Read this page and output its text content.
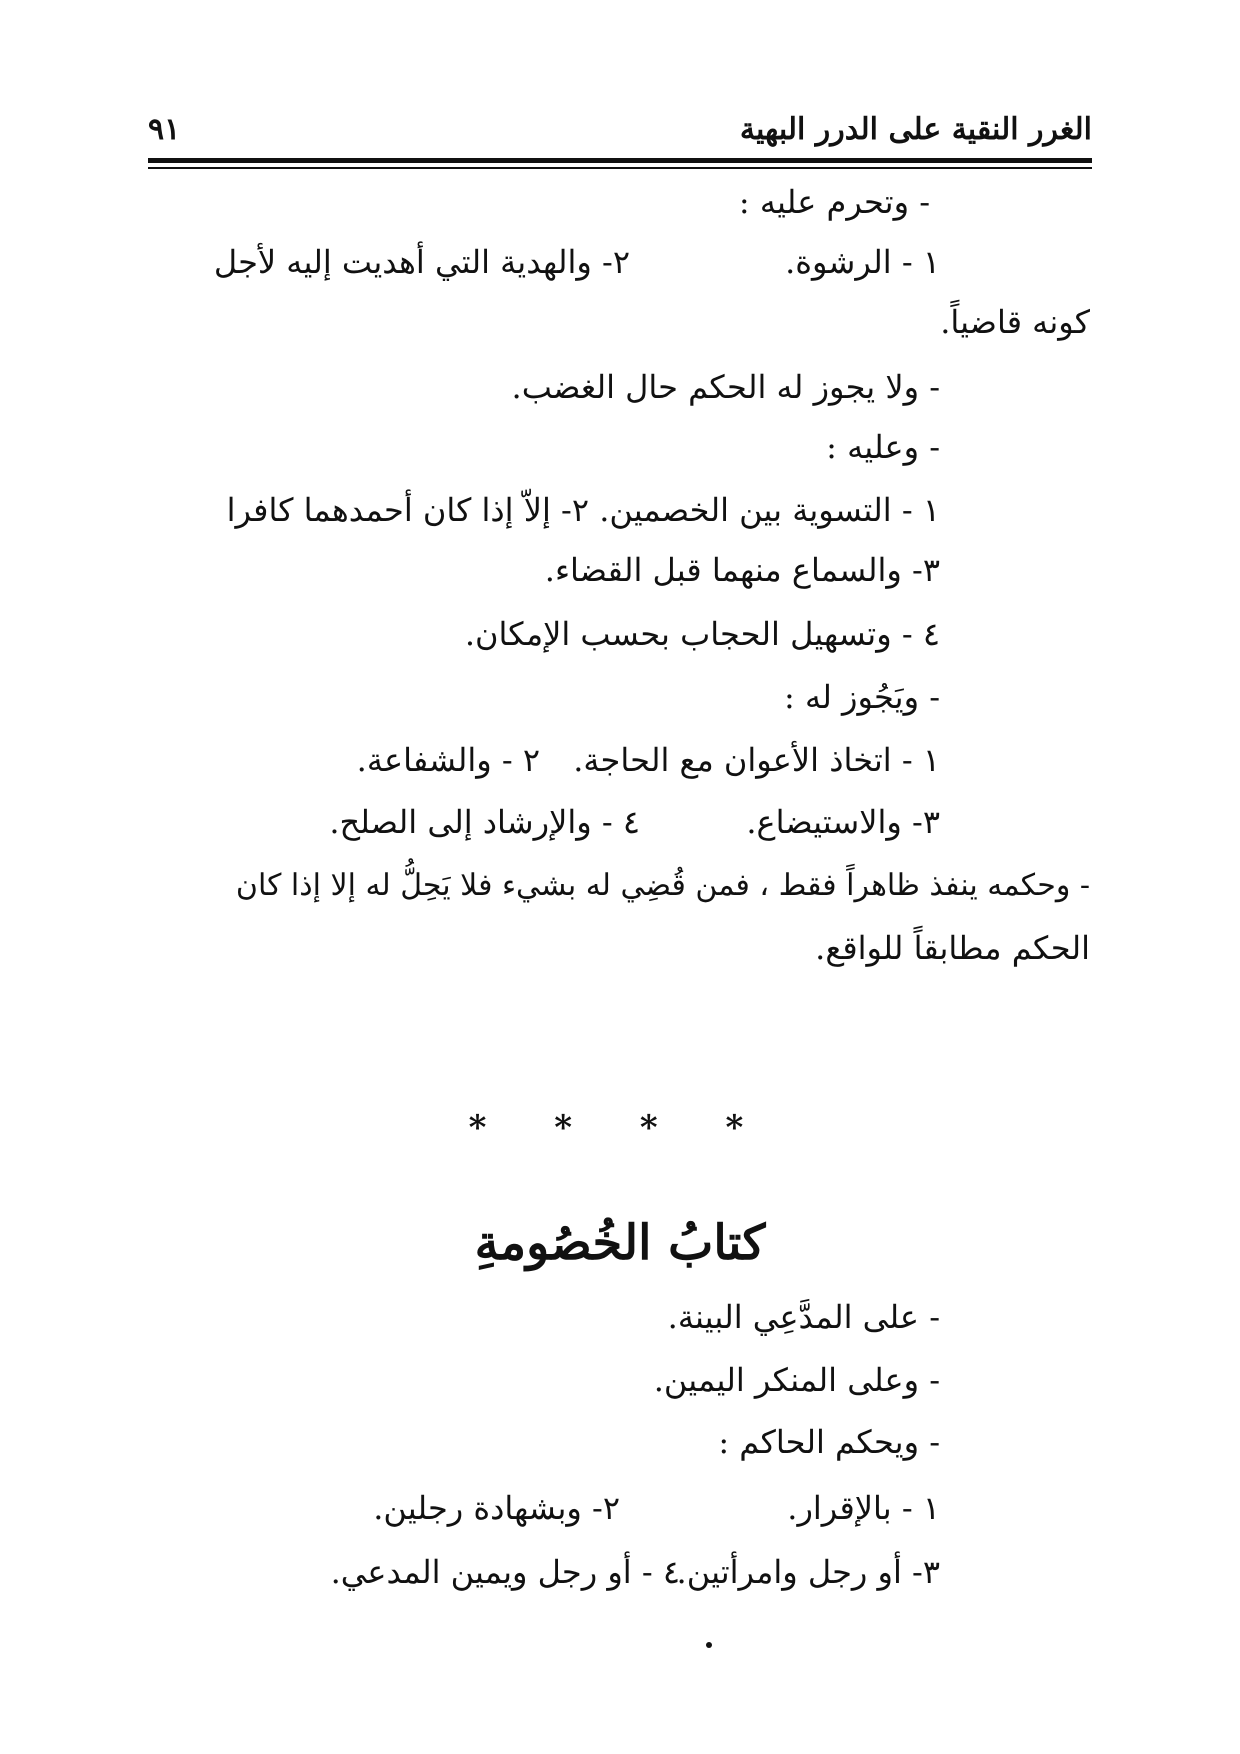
الغرر النقية على الدرر البهية
٩١
- وتحرم عليه :
١ - الرشوة.
٢- والهدية التي أهديت إليه لأجل
كونه قاضياً.
- ولا يجوز له الحكم حال الغضب.
- وعليه :
١ - التسوية بين الخصمين. ٢- إلاّ إذا كان أحمدهما كافرا
٣- والسماع منهما قبل القضاء.
٤ - وتسهيل الحجاب بحسب الإمكان.
- ويَجُوز له :
١ - اتخاذ الأعوان مع الحاجة.
٢ - والشفاعة.
٣- والاستيضاع.
٤ - والإرشاد إلى الصلح.
- وحكمه ينفذ ظاهراً فقط ، فمن قُضِي له بشيء فلا يَحِلُّ له إلا إذا كان
الحكم مطابقاً للواقع.
* * * *
كتابُ الخُصُومةِ
- على المدَّعِي البينة.
- وعلى المنكر اليمين.
- ويحكم الحاكم :
١ - بالإقرار.
٢- وبشهادة رجلين.
٣- أو رجل وامرأتين.
٤ - أو رجل ويمين المدعي.
